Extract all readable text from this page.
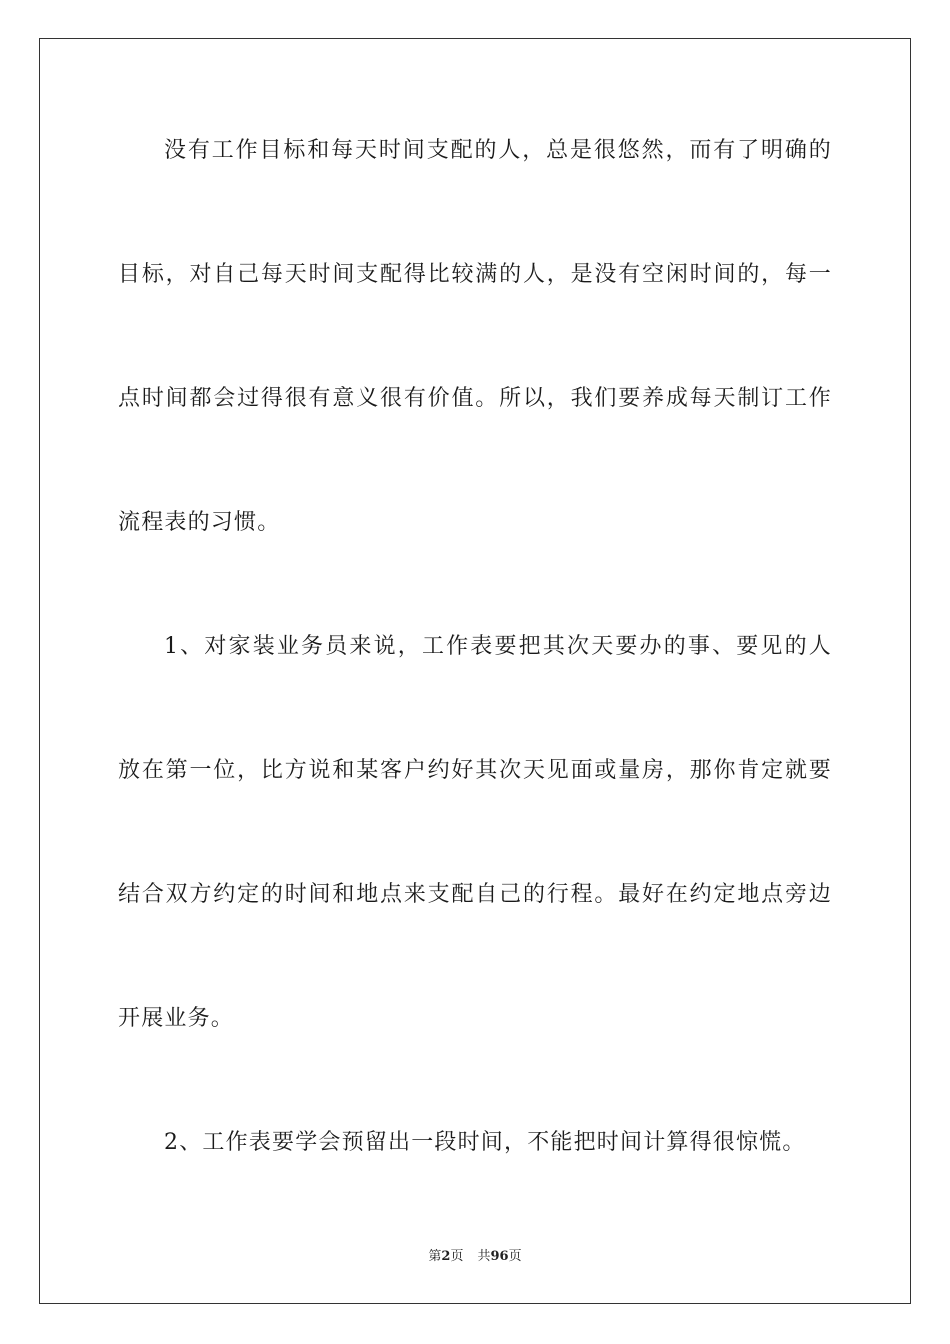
没有工作目标和每天时间支配的人，总是很悠然，而有了明确的
目标，对自己每天时间支配得比较满的人，是没有空闲时间的，每一
点时间都会过得很有意义很有价值。所以，我们要养成每天制订工作
流程表的习惯。
1、对家装业务员来说，工作表要把其次天要办的事、要见的人
放在第一位，比方说和某客户约好其次天见面或量房，那你肯定就要
结合双方约定的时间和地点来支配自己的行程。最好在约定地点旁边
开展业务。
2、工作表要学会预留出一段时间，不能把时间计算得很惊慌。
第2页 共96页
